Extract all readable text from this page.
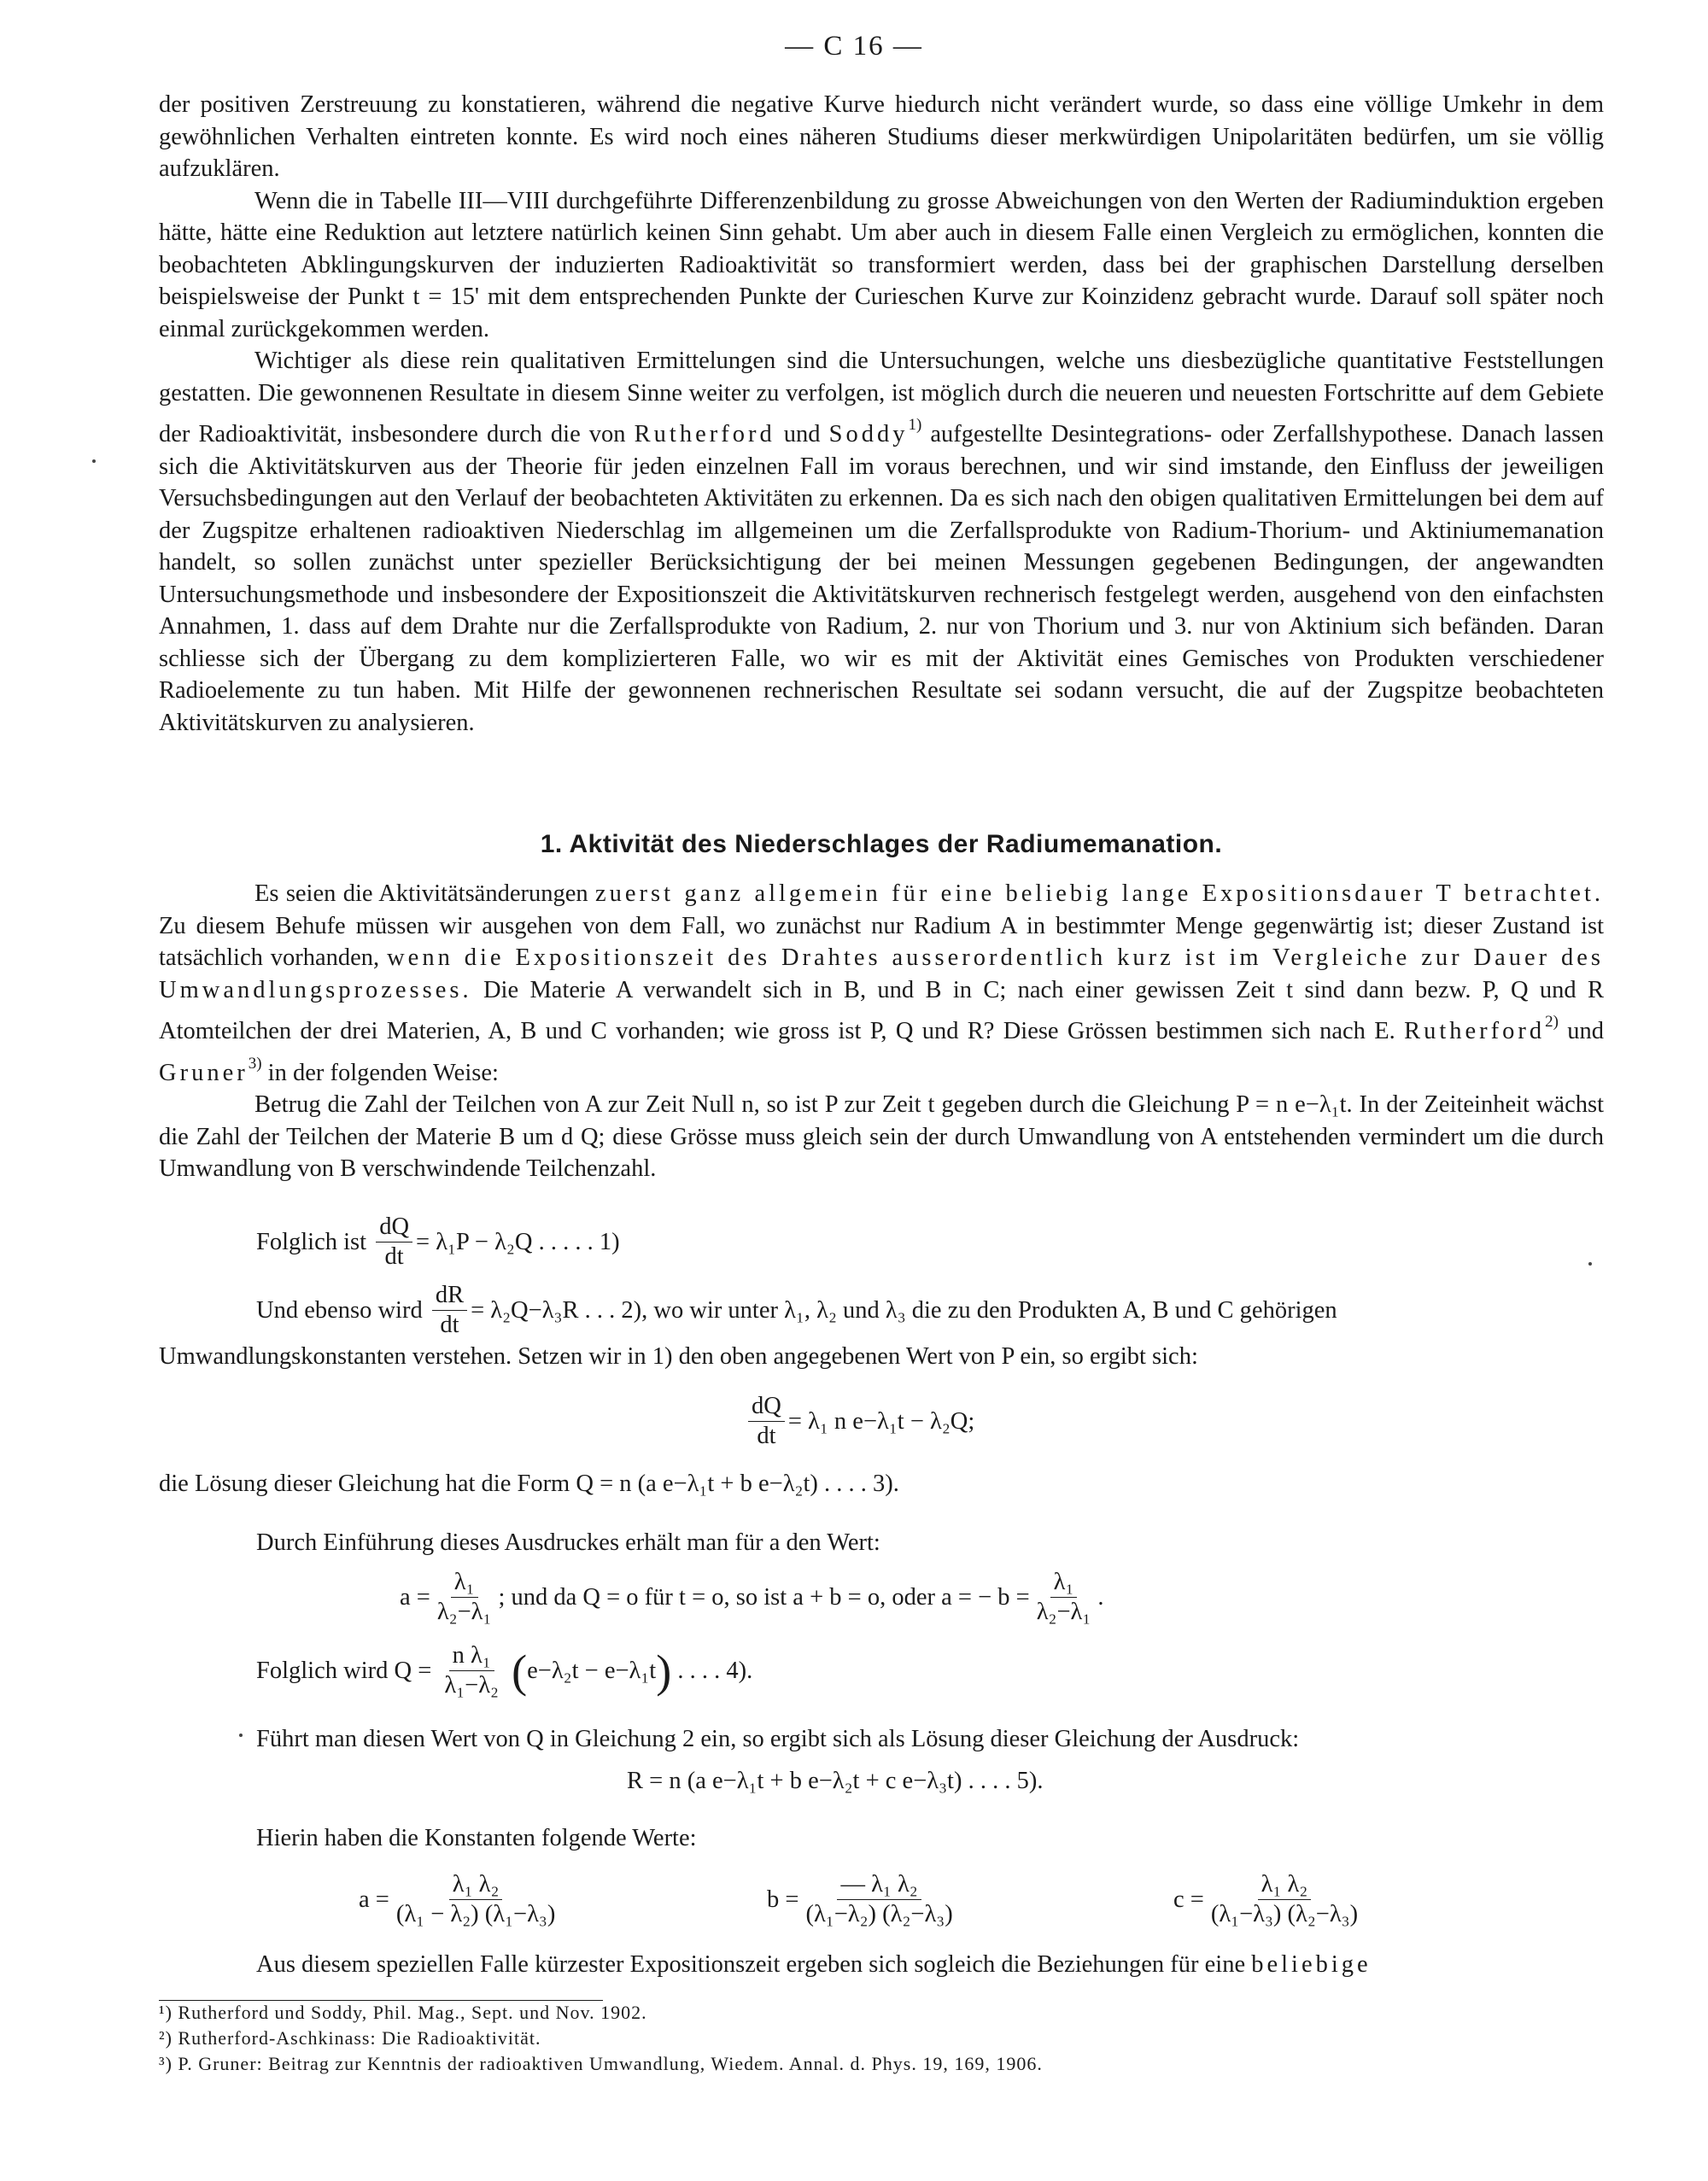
— C 16 —

der positiven Zerstreuung zu konstatieren, während die negative Kurve hiedurch nicht verändert wurde, so dass eine völlige Umkehr in dem gewöhnlichen Verhalten eintreten konnte. Es wird noch eines näheren Studiums dieser merkwürdigen Unipolaritäten bedürfen, um sie völlig aufzuklären.

Wenn die in Tabelle III—VIII durchgeführte Differenzenbildung zu grosse Abweichungen von den Werten der Radiuminduktion ergeben hätte, hätte eine Reduktion aut letztere natürlich keinen Sinn gehabt. Um aber auch in diesem Falle einen Vergleich zu ermöglichen, konnten die beobachteten Abklingungskurven der induzierten Radioaktivität so transformiert werden, dass bei der graphischen Darstellung derselben beispielsweise der Punkt t = 15' mit dem entsprechenden Punkte der Curieschen Kurve zur Koinzidenz gebracht wurde. Darauf soll später noch einmal zurückgekommen werden.

Wichtiger als diese rein qualitativen Ermittelungen sind die Untersuchungen, welche uns diesbezügliche quantitative Feststellungen gestatten. Die gewonnenen Resultate in diesem Sinne weiter zu verfolgen, ist möglich durch die neueren und neuesten Fortschritte auf dem Gebiete der Radioaktivität, insbesondere durch die von Rutherford und Soddy$^{1)}$ aufgestellte Desintegrations- oder Zerfallshypothese. Danach lassen sich die Aktivitätskurven aus der Theorie für jeden einzelnen Fall im voraus berechnen, und wir sind imstande, den Einfluss der jeweiligen Versuchsbedingungen aut den Verlauf der beobachteten Aktivitäten zu erkennen. Da es sich nach den obigen qualitativen Ermittelungen bei dem auf der Zugspitze erhaltenen radioaktiven Niederschlag im allgemeinen um die Zerfallsprodukte von Radium-Thorium- und Aktiniumemanation handelt, so sollen zunächst unter spezieller Berücksichtigung der bei meinen Messungen gegebenen Bedingungen, der angewandten Untersuchungsmethode und insbesondere der Expositionszeit die Aktivitätskurven rechnerisch festgelegt werden, ausgehend von den einfachsten Annahmen, 1. dass auf dem Drahte nur die Zerfallsprodukte von Radium, 2. nur von Thorium und 3. nur von Aktinium sich befänden. Daran schliesse sich der Übergang zu dem komplizierteren Falle, wo wir es mit der Aktivität eines Gemisches von Produkten verschiedener Radioelemente zu tun haben. Mit Hilfe der gewonnenen rechnerischen Resultate sei sodann versucht, die auf der Zugspitze beobachteten Aktivitätskurven zu analysieren.

1. Aktivität des Niederschlages der Radiumemanation.

Es seien die Aktivitätsänderungen zuerst ganz allgemein für eine beliebig lange Expositionsdauer T betrachtet. Zu diesem Behufe müssen wir ausgehen von dem Fall, wo zunächst nur Radium A in bestimmter Menge gegenwärtig ist; dieser Zustand ist tatsächlich vorhanden, wenn die Expositionszeit des Drahtes ausserordentlich kurz ist im Vergleiche zur Dauer des Umwandlungsprozesses. Die Materie A verwandelt sich in B, und B in C; nach einer gewissen Zeit t sind dann bezw. P, Q und R Atomteilchen der drei Materien, A, B und C vorhanden; wie gross ist P, Q und R? Diese Grössen bestimmen sich nach E. Rutherford$^{2)}$ und Gruner$^{3)}$ in der folgenden Weise:

Betrug die Zahl der Teilchen von A zur Zeit Null n, so ist P zur Zeit t gegeben durch die Gleichung P = n e−λ₁t. In der Zeiteinheit wächst die Zahl der Teilchen der Materie B um d Q; diese Grösse muss gleich sein der durch Umwandlung von A entstehenden vermindert um die durch Umwandlung von B verschwindende Teilchenzahl.

Folglich ist
$\frac{dQ}{dt} = \lambda_1P - \lambda_2Q$
. . . . .
1)
Und ebenso wird
$\frac{dR}{dt} = \lambda_2Q-\lambda_3R$
. . .
2),
wo wir unter λ₁, λ₂ und λ₃ die zu den Produkten A, B und C gehörigen
Umwandlungskonstanten verstehen. Setzen wir in 1) den oben angegebenen Wert von P ein, so ergibt sich:
$\frac{dQ}{dt} = \lambda_1$ n e−λ₁t − λ₂Q;
die Lösung dieser Gleichung hat die Form
Q = n (a e−λ₁t + b e−λ₂t)
. . . .
3).
Durch Einführung dieses Ausdruckes erhält man für a den Wert:
$a = \frac{\text{λ₁}}{\text{λ₂−λ₁}}$ ; und da Q = o für t = o, so ist a + b = o, oder a = − $b = \frac{\text{λ₁}}{\text{λ₂−λ₁}}$ .
Folglich wird Q =
$\frac{\text{n λ₁}}{\text{λ₁−λ₂}}$
( e−λ₂t − e−λ₁t )
. . . .
4).
Führt man diesen Wert von Q in Gleichung 2 ein, so ergibt sich als Lösung dieser Gleichung der Ausdruck:
R = n (a e−λ₁t + b e−λ₂t + c e−λ₃t)
. . . .
5).
Hierin haben die Konstanten folgende Werte:
$a = \frac{\text{λ₁ λ₂}}{\text{(λ₁ − λ₂) (λ₁−λ₃)}}$	$b = \frac{\text{— λ₁ λ₂}}{\text{(λ₁−λ₂) (λ₂−λ₃)}}$	$c = \frac{\text{λ₁ λ₂}}{\text{(λ₁−λ₃) (λ₂−λ₃)}}$
Aus diesem speziellen Falle kürzester Expositionszeit ergeben sich sogleich die Beziehungen für eine beliebige
¹) Rutherford und Soddy, Phil. Mag., Sept. und Nov. 1902.
²) Rutherford-Aschkinass: Die Radioaktivität.
³) P. Gruner: Beitrag zur Kenntnis der radioaktiven Umwandlung, Wiedem. Annal. d. Phys. 19, 169, 1906.
